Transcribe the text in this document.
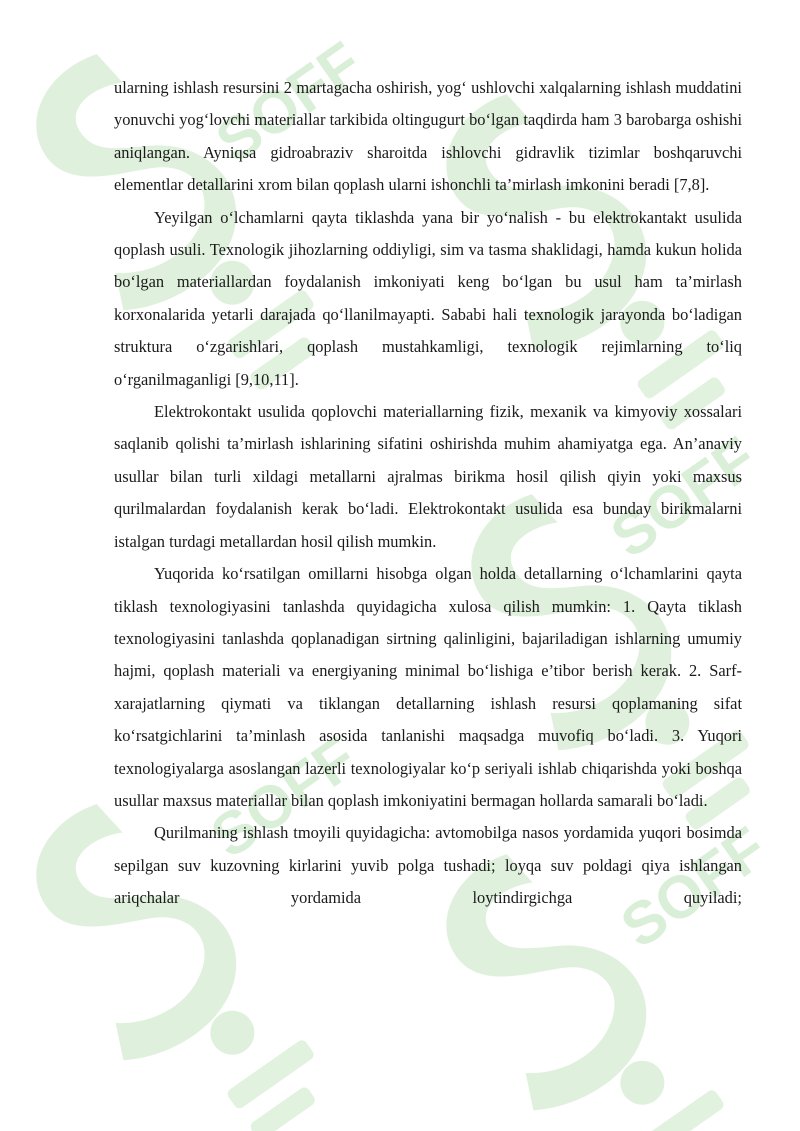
SOFF
SOFF
SOFF
SOFF

ularning ishlash resursini 2 martagacha oshirish, yog‘ ushlovchi xalqalarning ishlash muddatini yonuvchi yog‘lovchi materiallar tarkibida oltingugurt bo‘lgan taqdirda ham 3 barobarga oshishi aniqlangan. Ayniqsa gidroabraziv sharoitda ishlovchi gidravlik tizimlar boshqaruvchi elementlar detallarini xrom bilan qoplash ularni ishonchli ta’mirlash imkonini beradi [7,8].

Yeyilgan o‘lchamlarni qayta tiklashda yana bir yo‘nalish - bu elektrokantakt usulida qoplash usuli. Texnologik jihozlarning oddiyligi, sim va tasma shaklidagi, hamda kukun holida bo‘lgan materiallardan foydalanish imkoniyati keng bo‘lgan bu usul ham ta’mirlash korxonalarida yetarli darajada qo‘llanilmayapti. Sababi hali texnologik jarayonda bo‘ladigan struktura o‘zgarishlari, qoplash mustahkamligi, texnologik rejimlarning to‘liq o‘rganilmaganligi [9,10,11].

Elektrokontakt usulida qoplovchi materiallarning fizik, mexanik va kimyoviy xossalari saqlanib qolishi ta’mirlash ishlarining sifatini oshirishda muhim ahamiyatga ega. An’anaviy usullar bilan turli xildagi metallarni ajralmas birikma hosil qilish qiyin yoki maxsus qurilmalardan foydalanish kerak bo‘ladi. Elektrokontakt usulida esa bunday birikmalarni istalgan turdagi metallardan hosil qilish mumkin.

Yuqorida ko‘rsatilgan omillarni hisobga olgan holda detallarning o‘lchamlarini qayta tiklash texnologiyasini tanlashda quyidagicha xulosa qilish mumkin: 1. Qayta tiklash texnologiyasini tanlashda qoplanadigan sirtning qalinligini, bajariladigan ishlarning umumiy hajmi, qoplash materiali va energiyaning minimal bo‘lishiga e’tibor berish kerak. 2. Sarf-xarajatlarning qiymati va tiklangan detallarning ishlash resursi qoplamaning sifat ko‘rsatgichlarini ta’minlash asosida tanlanishi maqsadga muvofiq bo‘ladi. 3. Yuqori texnologiyalarga asoslangan lazerli texnologiyalar ko‘p seriyali ishlab chiqarishda yoki boshqa usullar maxsus materiallar bilan qoplash imkoniyatini bermagan hollarda samarali bo‘ladi.

Qurilmaning ishlash tmoyili quyidagicha: avtomobilga nasos yordamida yuqori bosimda sepilgan suv kuzovning kirlarini yuvib polga tushadi; loyqa suv poldagi qiya ishlangan ariqchalar yordamida loytindirgichga quyiladi;
